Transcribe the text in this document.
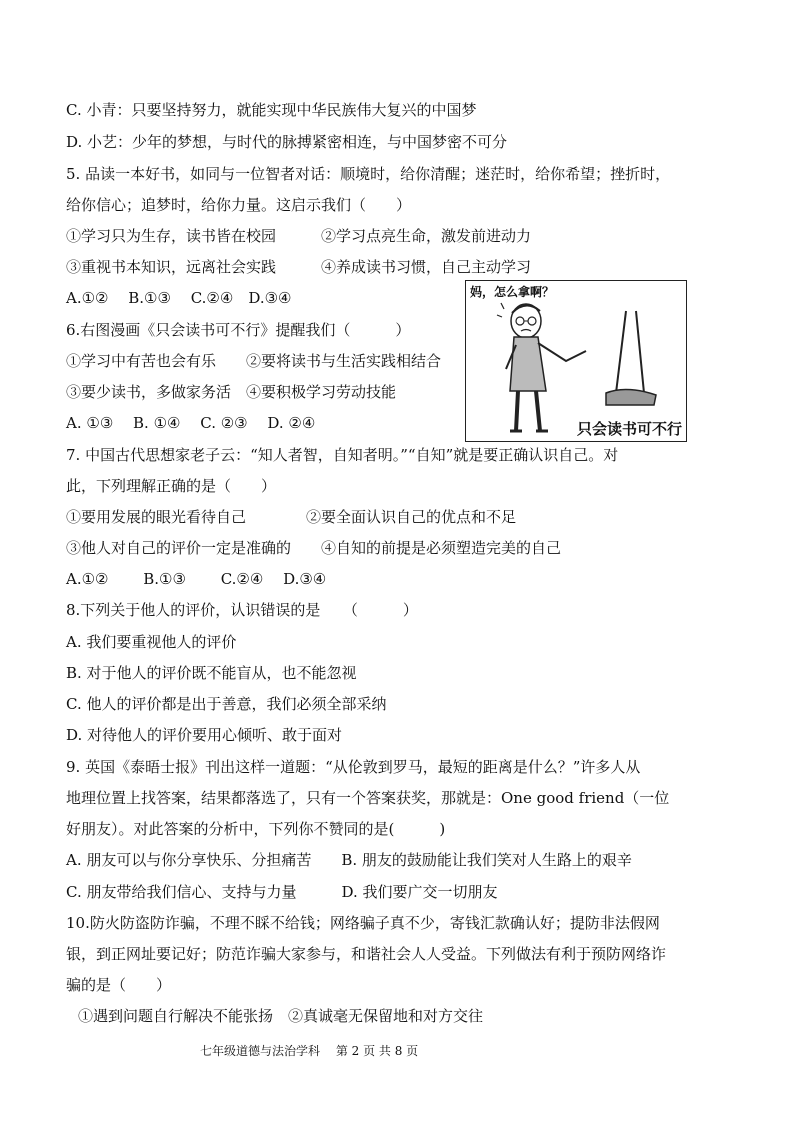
C. 小青：只要坚持努力，就能实现中华民族伟大复兴的中国梦
D. 小艺：少年的梦想，与时代的脉搏紧密相连，与中国梦密不可分
5. 品读一本好书，如同与一位智者对话：顺境时，给你清醒；迷茫时，给你希望；挫折时，
给你信心；追梦时，给你力量。这启示我们（　　）
①学习只为生存，读书皆在校园　　　②学习点亮生命，激发前进动力
③重视书本知识，远离社会实践　　　④养成读书习惯，自己主动学习
A.①②　 B.①③　 C.②④　D.③④
6.右图漫画《只会读书可不行》提醒我们（　　　）
①学习中有苦也会有乐　　②要将读书与生活实践相结合
③要少读书，多做家务活　④要积极学习劳动技能
A. ①③　 B. ①④　 C. ②③　 D. ②④
7. 中国古代思想家老子云：“知人者智，自知者明。”“自知”就是要正确认识自己。对
此，下列理解正确的是（　　）
①要用发展的眼光看待自己　　　　②要全面认识自己的优点和不足
③他人对自己的评价一定是准确的　　④自知的前提是必须塑造完美的自己
A.①②　　 B.①③　　 C.②④　 D.③④
8.下列关于他人的评价，认识错误的是　　（　　　）
A. 我们要重视他人的评价
B. 对于他人的评价既不能盲从，也不能忽视
C. 他人的评价都是出于善意，我们必须全部采纳
D. 对待他人的评价要用心倾听、敢于面对
9. 英国《泰晤士报》刊出这样一道题：“从伦敦到罗马，最短的距离是什么？”许多人从
地理位置上找答案，结果都落选了，只有一个答案获奖，那就是：One good friend（一位
好朋友）。对此答案的分析中，下列你不赞同的是(　　　)
A. 朋友可以与你分享快乐、分担痛苦　　B. 朋友的鼓励能让我们笑对人生路上的艰辛
C. 朋友带给我们信心、支持与力量　　　D. 我们要广交一切朋友
10.防火防盗防诈骗，不理不睬不给钱；网络骗子真不少，寄钱汇款确认好；提防非法假网
银，到正网址要记好；防范诈骗大家参与，和谐社会人人受益。下列做法有利于预防网络诈
骗的是（　　）
①遇到问题自行解决不能张扬　②真诚毫无保留地和对方交往
妈，怎么拿啊？
只会读书可不行
七年级道德与法治学科　 第 2 页 共 8 页
